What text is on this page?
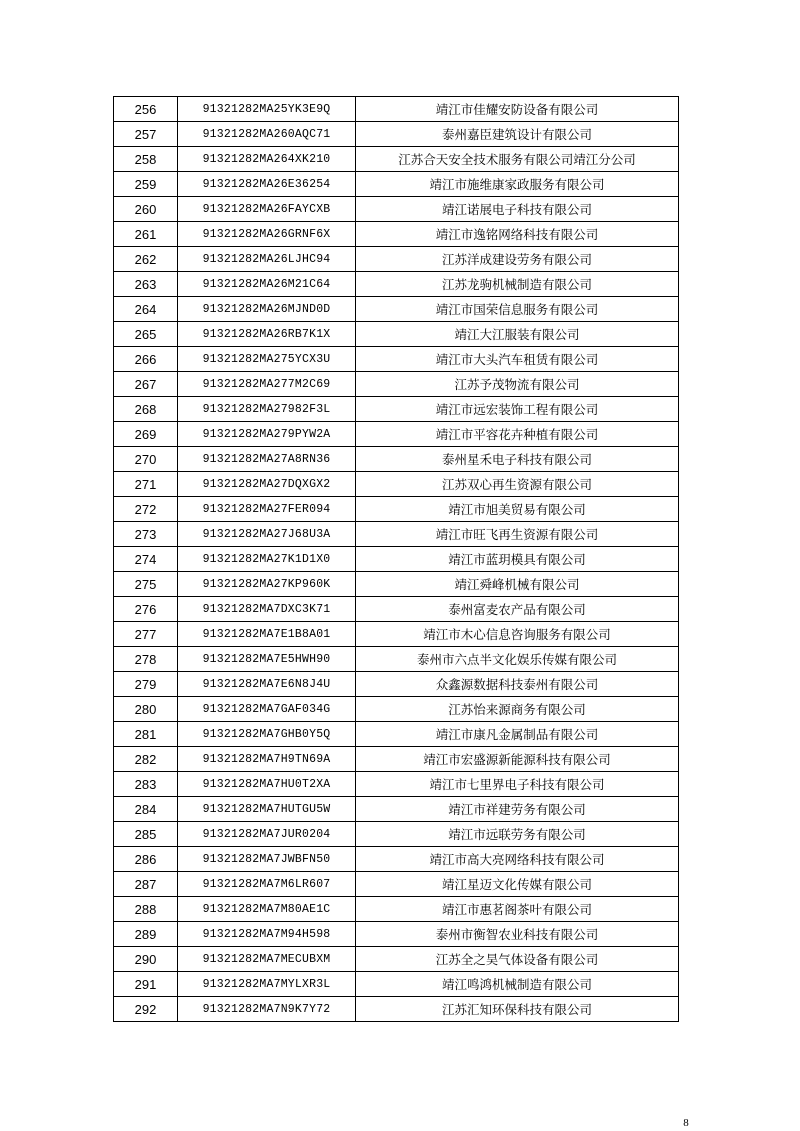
256	91321282MA25YK3E9Q	靖江市佳耀安防设备有限公司
257	91321282MA260AQC71	泰州嘉臣建筑设计有限公司
258	91321282MA264XK210	江苏合天安全技术服务有限公司靖江分公司
259	91321282MA26E36254	靖江市施维康家政服务有限公司
260	91321282MA26FAYCXB	靖江诺展电子科技有限公司
261	91321282MA26GRNF6X	靖江市逸铭网络科技有限公司
262	91321282MA26LJHC94	江苏洋成建设劳务有限公司
263	91321282MA26M21C64	江苏龙驹机械制造有限公司
264	91321282MA26MJND0D	靖江市国荣信息服务有限公司
265	91321282MA26RB7K1X	靖江大江服装有限公司
266	91321282MA275YCX3U	靖江市大头汽车租赁有限公司
267	91321282MA277M2C69	江苏予茂物流有限公司
268	91321282MA27982F3L	靖江市远宏装饰工程有限公司
269	91321282MA279PYW2A	靖江市平容花卉种植有限公司
270	91321282MA27A8RN36	泰州星禾电子科技有限公司
271	91321282MA27DQXGX2	江苏双心再生资源有限公司
272	91321282MA27FER094	靖江市旭美贸易有限公司
273	91321282MA27J68U3A	靖江市旺飞再生资源有限公司
274	91321282MA27K1D1X0	靖江市蓝玥模具有限公司
275	91321282MA27KP960K	靖江舜峰机械有限公司
276	91321282MA7DXC3K71	泰州富麦农产品有限公司
277	91321282MA7E1B8A01	靖江市木心信息咨询服务有限公司
278	91321282MA7E5HWH90	泰州市六点半文化娱乐传媒有限公司
279	91321282MA7E6N8J4U	众鑫源数据科技泰州有限公司
280	91321282MA7GAF034G	江苏怡来源商务有限公司
281	91321282MA7GHB0Y5Q	靖江市康凡金属制品有限公司
282	91321282MA7H9TN69A	靖江市宏盛源新能源科技有限公司
283	91321282MA7HU0T2XA	靖江市七里界电子科技有限公司
284	91321282MA7HUTGU5W	靖江市祥建劳务有限公司
285	91321282MA7JUR0204	靖江市远联劳务有限公司
286	91321282MA7JWBFN50	靖江市高大亮网络科技有限公司
287	91321282MA7M6LR607	靖江星迈文化传媒有限公司
288	91321282MA7M80AE1C	靖江市惠茗阁茶叶有限公司
289	91321282MA7M94H598	泰州市衡智农业科技有限公司
290	91321282MA7MECUBXM	江苏全之昊气体设备有限公司
291	91321282MA7MYLXR3L	靖江鸣鸿机械制造有限公司
292	91321282MA7N9K7Y72	江苏汇知环保科技有限公司
8
